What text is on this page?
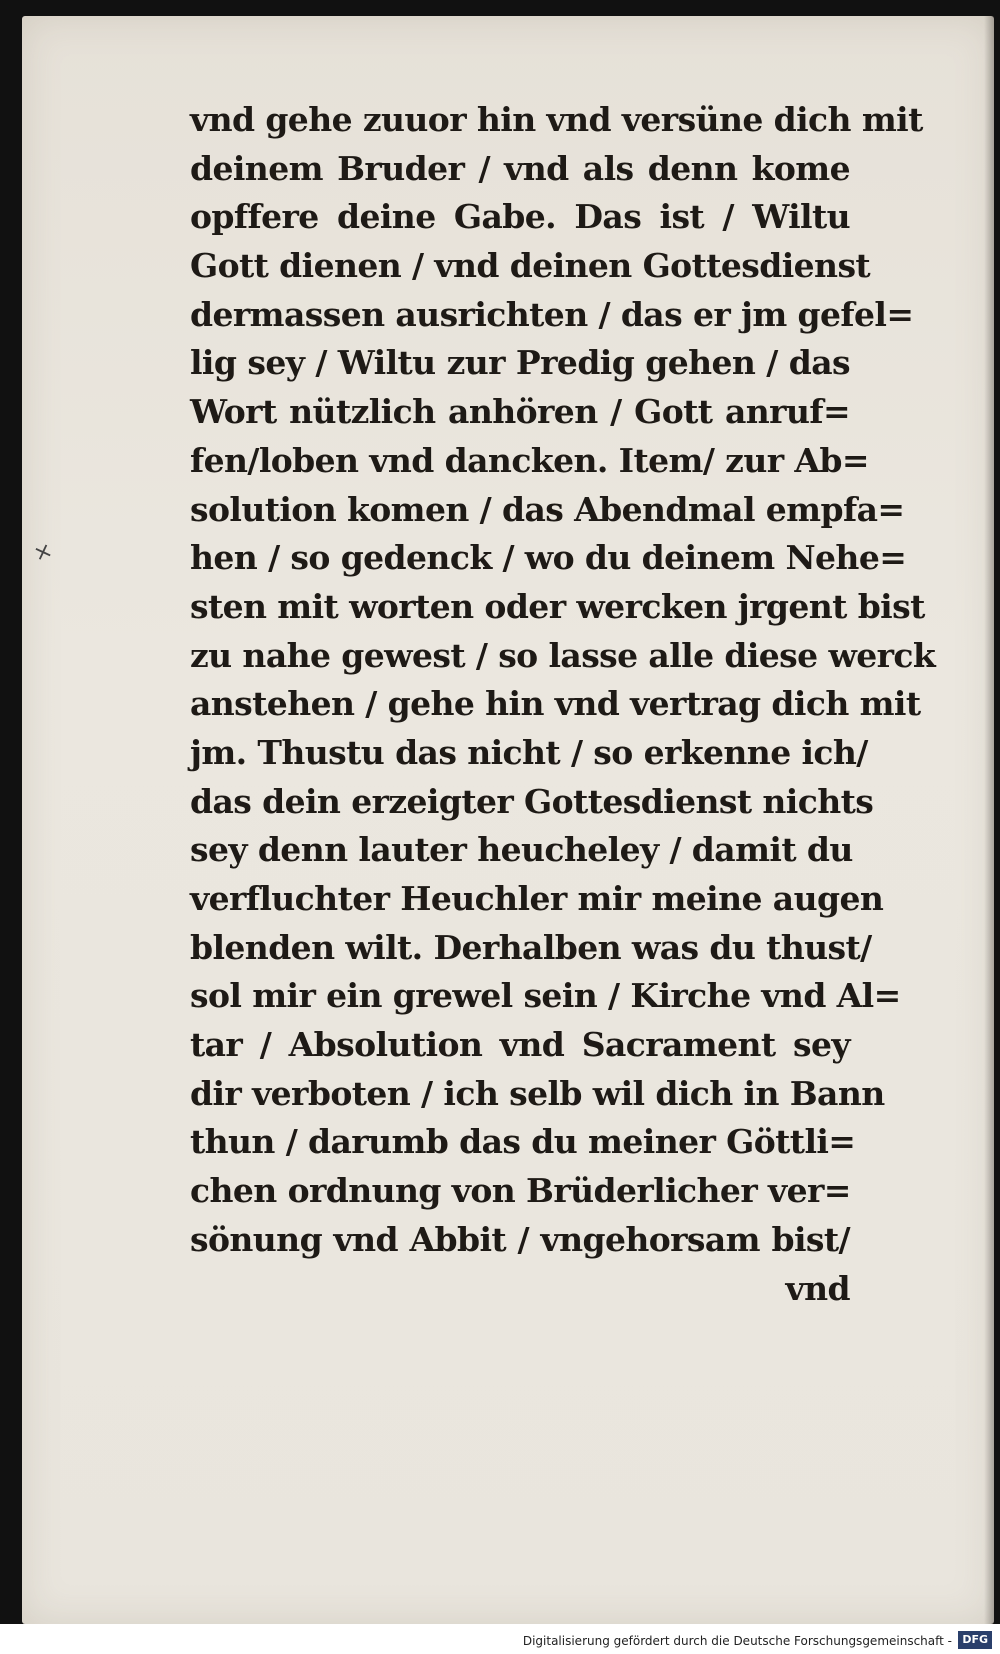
×
vnd gehe zuuor hin vnd versüne dich mit
deinem Bruder / vnd als denn kome
opffere deine Gabe. Das ist / Wiltu
Gott dienen / vnd deinen Gottesdienst
dermassen ausrichten / das er jm gefel=
lig sey / Wiltu zur Predig gehen / das
Wort nützlich anhören / Gott anruf=
fen/loben vnd dancken. Item/ zur Ab=
solution komen / das Abendmal empfa=
hen / so gedenck / wo du deinem Nehe=
sten mit worten oder wercken jrgent bist
zu nahe gewest / so lasse alle diese werck
anstehen / gehe hin vnd vertrag dich mit
jm. Thustu das nicht / so erkenne ich/
das dein erzeigter Gottesdienst nichts
sey denn lauter heucheley / damit du
verfluchter Heuchler mir meine augen
blenden wilt. Derhalben was du thust/
sol mir ein grewel sein / Kirche vnd Al=
tar / Absolution vnd Sacrament sey
dir verboten / ich selb wil dich in Bann
thun / darumb das du meiner Göttli=
chen ordnung von Brüderlicher ver=
sönung vnd Abbit / vngehorsam bist/
vnd
Digitalisierung gefördert durch die Deutsche Forschungsgemeinschaft - DFG
